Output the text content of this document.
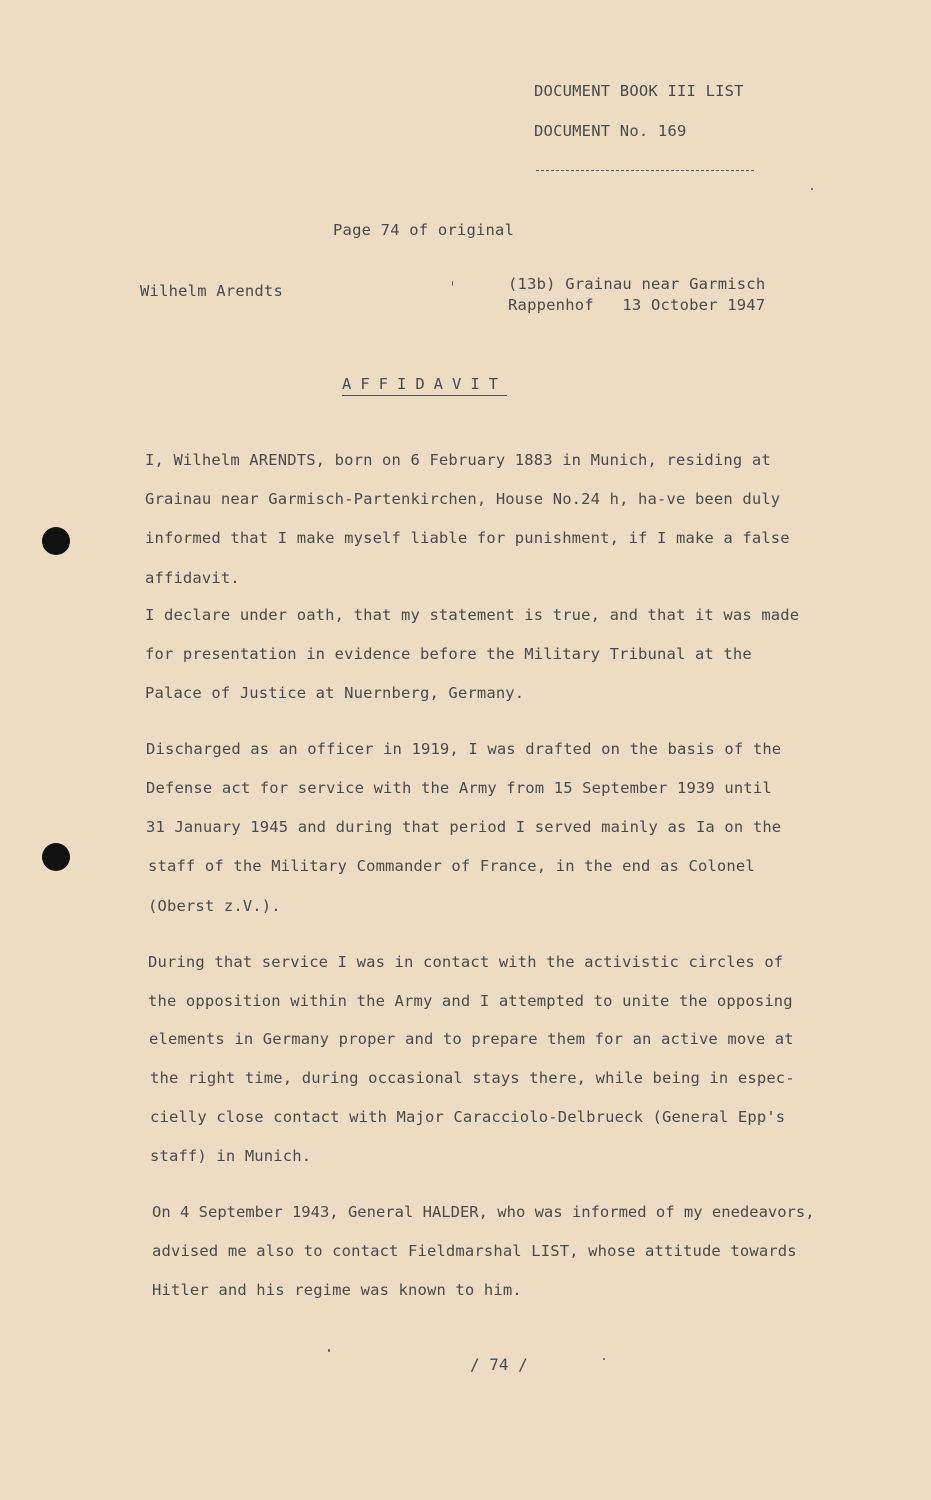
DOCUMENT BOOK III LIST
DOCUMENT No. 169
Page 74 of original
Wilhelm Arendts	(13b) Grainau near Garmisch
Rappenhof   13 October 1947
AFFIDAVIT
I, Wilhelm ARENDTS, born on 6 February 1883 in Munich, residing at
Grainau near Garmisch-Partenkirchen, House No.24 h, ha-ve been duly
informed that I make myself liable for punishment, if I make a false
affidavit.
I declare under oath, that my statement is true, and that it was made
for presentation in evidence before the Military Tribunal at the
Palace of Justice at Nuernberg, Germany.
Discharged as an officer in 1919, I was drafted on the basis of the
Defense act for service with the Army from 15 September 1939 until
31 January 1945 and during that period I served mainly as Ia on the
staff of the Military Commander of France, in the end as Colonel
(Oberst z.V.).
During that service I was in contact with the activistic circles of
the opposition within the Army and I attempted to unite the opposing
elements in Germany proper and to prepare them for an active move at
the right time, during occasional stays there, while being in espec-
cielly close contact with Major Caracciolo-Delbrueck (General Epp's
staff) in Munich.
On 4 September 1943, General HALDER, who was informed of my enedeavors,
advised me also to contact Fieldmarshal LIST, whose attitude towards
Hitler and his regime was known to him.
/ 74 /
